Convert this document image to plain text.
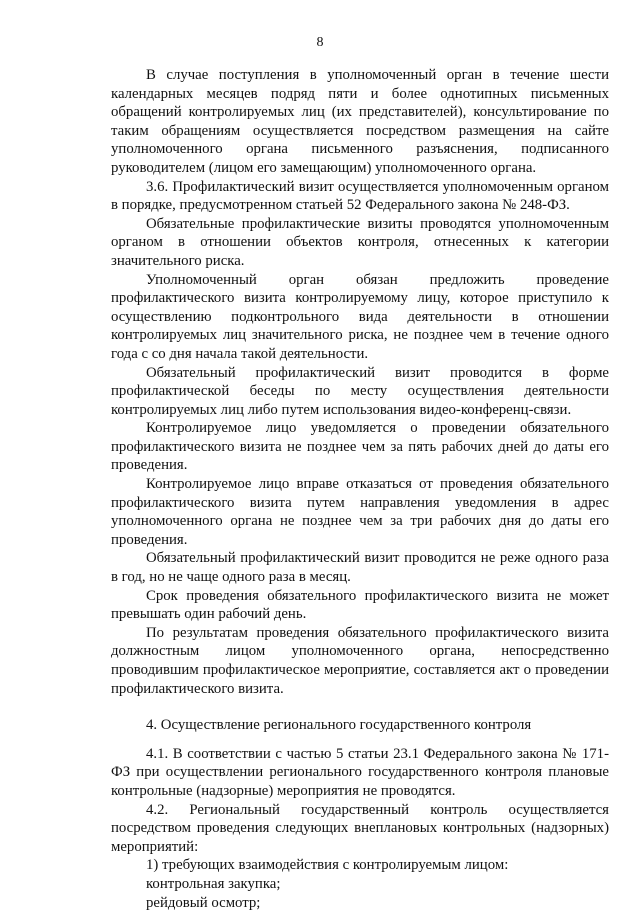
8

В случае поступления в уполномоченный орган в течение шести календарных месяцев подряд пяти и более однотипных письменных обращений контролируемых лиц (их представителей), консультирование по таким обращениям осуществляется посредством размещения на сайте уполномоченного органа письменного разъяснения, подписанного руководителем (лицом его замещающим) уполномоченного органа.

3.6. Профилактический визит осуществляется уполномоченным органом в порядке, предусмотренном статьей 52 Федерального закона № 248-ФЗ.

Обязательные профилактические визиты проводятся уполномоченным органом в отношении объектов контроля, отнесенных к категории значительного риска.

Уполномоченный орган обязан предложить проведение профилактического визита контролируемому лицу, которое приступило к осуществлению подконтрольного вида деятельности в отношении контролируемых лиц значительного риска, не позднее чем в течение одного года с со дня начала такой деятельности.

Обязательный профилактический визит проводится в форме профилактической беседы по месту осуществления деятельности контролируемых лиц либо путем использования видео-конференц-связи.

Контролируемое лицо уведомляется о проведении обязательного профилактического визита не позднее чем за пять рабочих дней до даты его проведения.

Контролируемое лицо вправе отказаться от проведения обязательного профилактического визита путем направления уведомления в адрес уполномоченного органа не позднее чем за три рабочих дня до даты его проведения.

Обязательный профилактический визит проводится не реже одного раза в год, но не чаще одного раза в месяц.

Срок проведения обязательного профилактического визита не может превышать один рабочий день.

По результатам проведения обязательного профилактического визита должностным лицом уполномоченного органа, непосредственно проводившим профилактическое мероприятие, составляется акт о проведении профилактического визита.

4. Осуществление регионального государственного контроля

4.1. В соответствии с частью 5 статьи 23.1 Федерального закона № 171-ФЗ при осуществлении регионального государственного контроля плановые контрольные (надзорные) мероприятия не проводятся.

4.2. Региональный государственный контроль осуществляется посредством проведения следующих внеплановых контрольных (надзорных) мероприятий:

1) требующих взаимодействия с контролируемым лицом:

контрольная закупка;

рейдовый осмотр;
